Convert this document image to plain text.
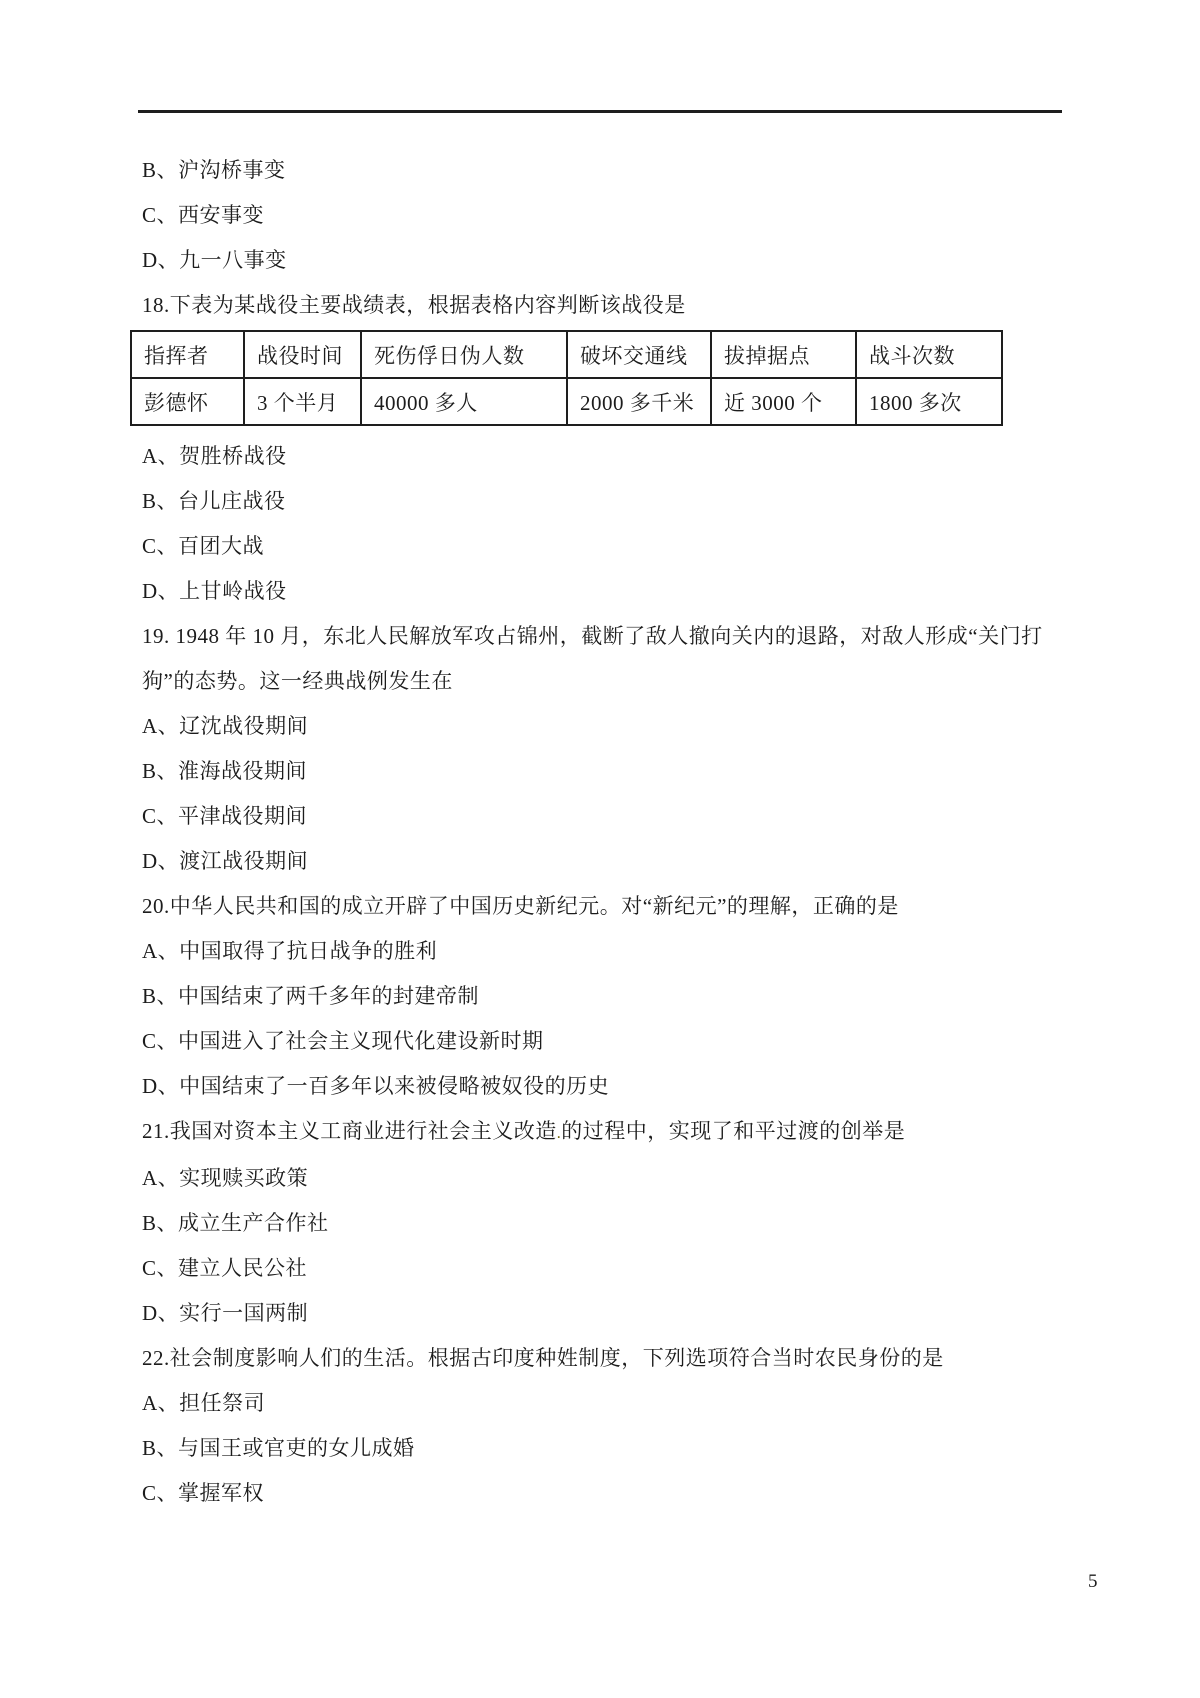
B、沪沟桥事变
C、西安事变
D、九一八事变
18.下表为某战役主要战绩表，根据表格内容判断该战役是
指挥者	战役时间	死伤俘日伪人数	破坏交通线	拔掉据点	战斗次数
彭德怀	3 个半月	40000 多人	2000 多千米	近 3000 个	1800 多次
A、贺胜桥战役
B、台儿庄战役
C、百团大战
D、上甘岭战役
19. 1948 年 10 月，东北人民解放军攻占锦州，截断了敌人撤向关内的退路，对敌人形成“关门打
狗”的态势。这一经典战例发生在
A、辽沈战役期间
B、淮海战役期间
C、平津战役期间
D、渡江战役期间
20.中华人民共和国的成立开辟了中国历史新纪元。对“新纪元”的理解，正确的是
A、中国取得了抗日战争的胜利
B、中国结束了两千多年的封建帝制
C、中国进入了社会主义现代化建设新时期
D、中国结束了一百多年以来被侵略被奴役的历史
21.我国对资本主义工商业进行社会主义改造.的过程中，实现了和平过渡的创举是
A、实现赎买政策
B、成立生产合作社
C、建立人民公社
D、实行一国两制
22.社会制度影响人们的生活。根据古印度种姓制度，下列选项符合当时农民身份的是
A、担任祭司
B、与国王或官吏的女儿成婚
C、掌握军权
5
